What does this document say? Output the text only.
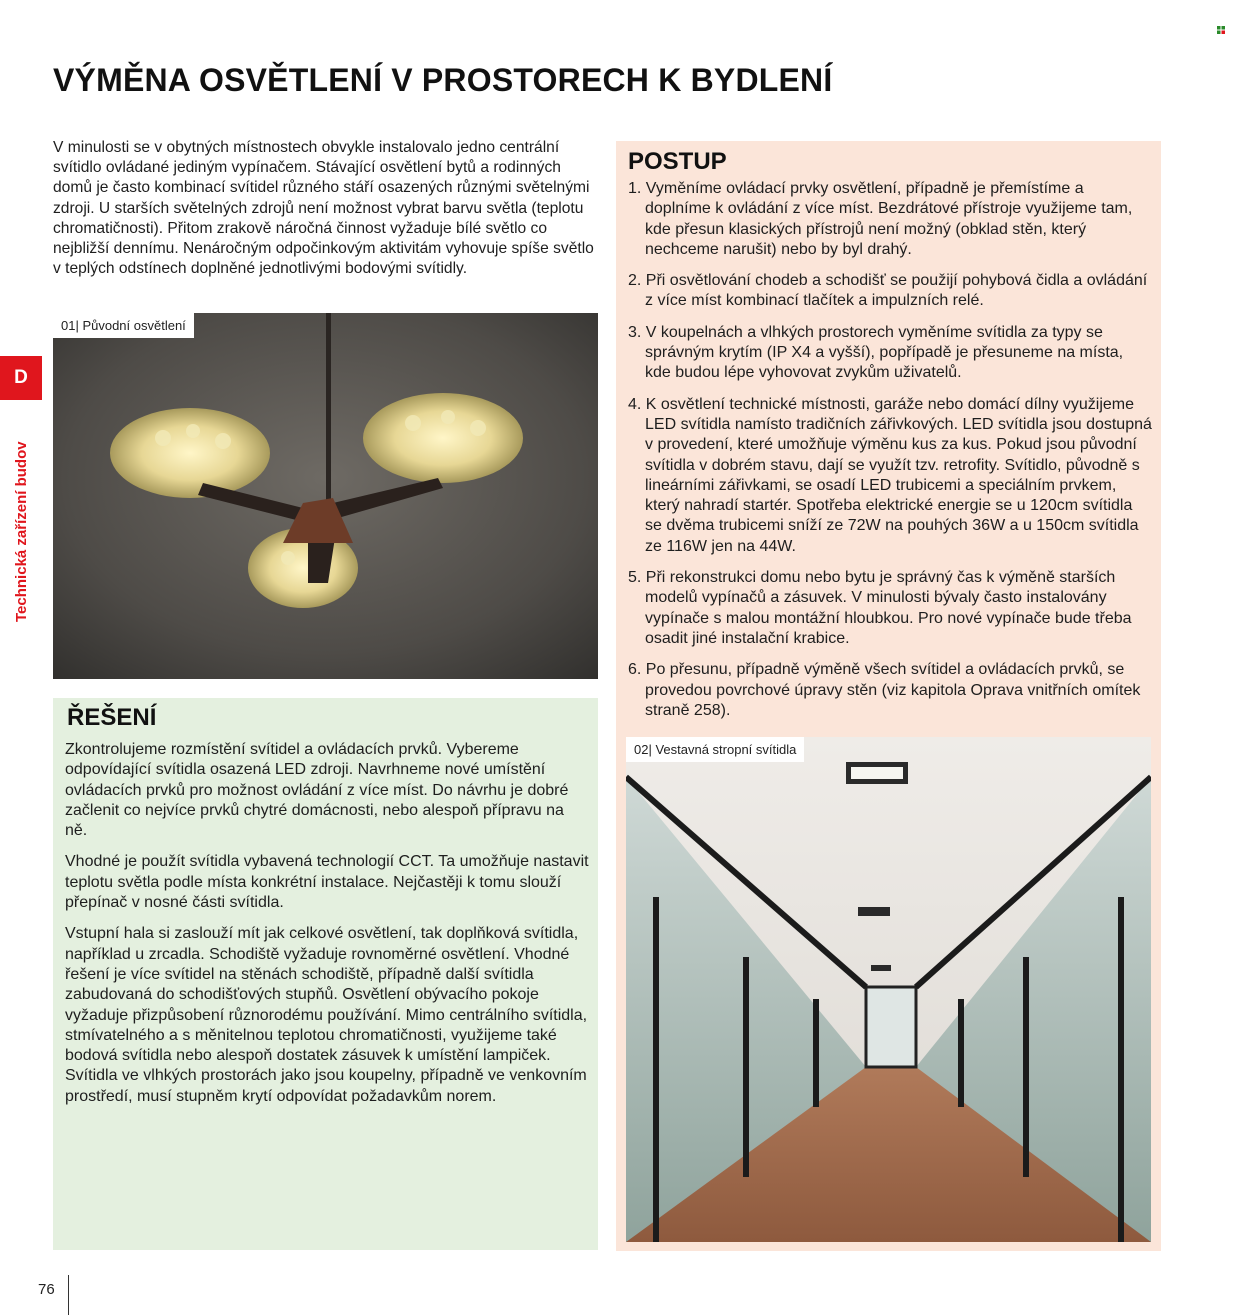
VÝMĚNA OSVĚTLENÍ V PROSTORECH K BYDLENÍ
V minulosti se v obytných místnostech obvykle instalovalo jedno centrální svítidlo ovládané jediným vypínačem. Stávající osvětlení bytů a rodinných domů je často kombinací svítidel různého stáří osazených různými světelnými zdroji. U starších světelných zdrojů není možnost vybrat barvu světla (teplotu chromatičnosti). Přitom zrakově náročná činnost vyžaduje bílé světlo co nejbližší dennímu. Nenáročným odpočinkovým aktivitám vyhovuje spíše světlo v teplých odstínech doplněné jednotlivými bodovými svítidly.
D
Technická zařízení budov
01| Původní osvětlení
ŘEŠENÍ

Zkontrolujeme rozmístění svítidel a ovládacích prvků. Vybereme odpovídající svítidla osazená LED zdroji. Navrhneme nové umístění ovládacích prvků pro možnost ovládání z více míst. Do návrhu je dobré začlenit co nejvíce prvků chytré domácnosti, nebo alespoň přípravu na ně.

Vhodné je použít svítidla vybavená technologií CCT. Ta umožňuje nastavit teplotu světla podle místa konkrétní instalace. Nejčastěji k tomu slouží přepínač v nosné části svítidla.

Vstupní hala si zaslouží mít jak celkové osvětlení, tak doplňková svítidla, například u zrcadla. Schodiště vyžaduje rovnoměrné osvětlení. Vhodné řešení je více svítidel na stěnách schodiště, případně další svítidla zabudovaná do schodišťových stupňů. Osvětlení obývacího pokoje vyžaduje přizpůsobení různorodému používání. Mimo centrálního svítidla, stmívatelného a s měnitelnou teplotou chromatičnosti, využijeme také bodová svítidla nebo alespoň dostatek zásuvek k umístění lampiček. Svítidla ve vlhkých prostorách jako jsou koupelny, případně ve venkovním prostředí, musí stupněm krytí odpovídat požadavkům norem.

POSTUP
1. Vyměníme ovládací prvky osvětlení, případně je přemístíme a doplníme k ovládání z více míst. Bezdrátové přístroje využijeme tam, kde přesun klasických přístrojů není možný (obklad stěn, který nechceme narušit) nebo by byl drahý.
2. Při osvětlování chodeb a schodišť se použijí pohybová čidla a ovládání z více míst kombinací tlačítek a impulzních relé.
3. V koupelnách a vlhkých prostorech vyměníme svítidla za typy se správným krytím (IP X4 a vyšší), popřípadě je přesuneme na místa, kde budou lépe vyhovovat zvykům uživatelů.
4. K osvětlení technické místnosti, garáže nebo domácí dílny využijeme LED svítidla namísto tradičních zářivkových. LED svítidla jsou dostupná v provedení, které umožňuje výměnu kus za kus. Pokud jsou původní svítidla v dobrém stavu, dají se využít tzv. retrofity. Svítidlo, původně s lineárními zářivkami, se osadí LED trubicemi a speciálním prvkem, který nahradí startér. Spotřeba elektrické energie se u 120cm svítidla se dvěma trubicemi sníží ze 72W na pouhých 36W a u 150cm svítidla ze 116W jen na 44W.
5. Při rekonstrukci domu nebo bytu je správný čas k výměně starších modelů vypínačů a zásuvek. V minulosti bývaly často instalovány vypínače s malou montážní hloubkou. Pro nové vypínače bude třeba osadit jiné instalační krabice.
6. Po přesunu, případně výměně všech svítidel a ovládacích prvků, se provedou povrchové úpravy stěn (viz kapitola Oprava vnitřních omítek straně 258).
02| Vestavná stropní svítidla
76
